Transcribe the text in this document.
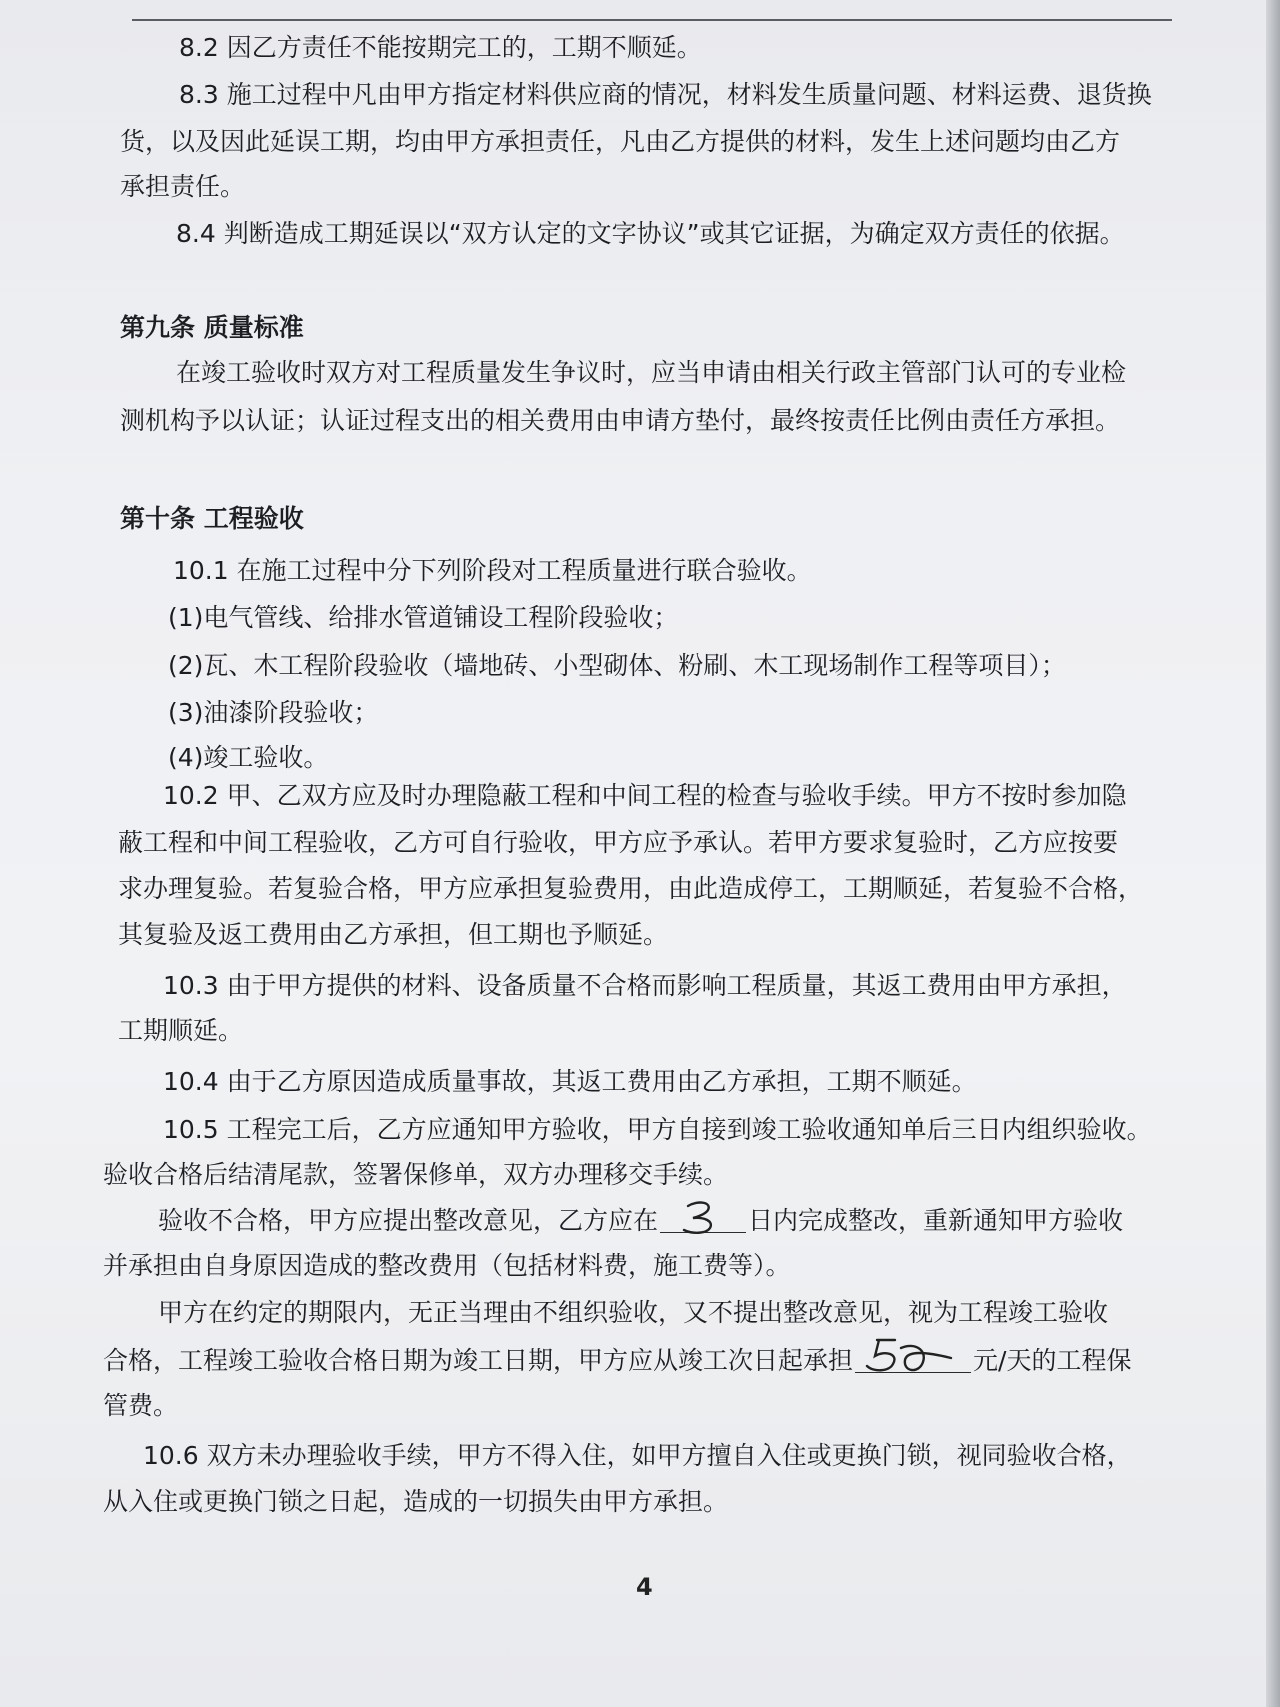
8.2 因乙方责任不能按期完工的，工期不顺延。
8.3 施工过程中凡由甲方指定材料供应商的情况，材料发生质量问题、材料运费、退货换
货，以及因此延误工期，均由甲方承担责任，凡由乙方提供的材料，发生上述问题均由乙方
承担责任。
8.4 判断造成工期延误以“双方认定的文字协议”或其它证据，为确定双方责任的依据。
第九条 质量标准
在竣工验收时双方对工程质量发生争议时，应当申请由相关行政主管部门认可的专业检
测机构予以认证；认证过程支出的相关费用由申请方垫付，最终按责任比例由责任方承担。
第十条 工程验收
10.1 在施工过程中分下列阶段对工程质量进行联合验收。
(1)电气管线、给排水管道铺设工程阶段验收；
(2)瓦、木工程阶段验收（墙地砖、小型砌体、粉刷、木工现场制作工程等项目）；
(3)油漆阶段验收；
(4)竣工验收。
10.2 甲、乙双方应及时办理隐蔽工程和中间工程的检查与验收手续。甲方不按时参加隐
蔽工程和中间工程验收，乙方可自行验收，甲方应予承认。若甲方要求复验时，乙方应按要
求办理复验。若复验合格，甲方应承担复验费用，由此造成停工，工期顺延，若复验不合格，
其复验及返工费用由乙方承担，但工期也予顺延。
10.3 由于甲方提供的材料、设备质量不合格而影响工程质量，其返工费用由甲方承担，
工期顺延。
10.4 由于乙方原因造成质量事故，其返工费用由乙方承担，工期不顺延。
10.5 工程完工后，乙方应通知甲方验收，甲方自接到竣工验收通知单后三日内组织验收。
验收合格后结清尾款，签署保修单，双方办理移交手续。
验收不合格，甲方应提出整改意见，乙方应在	日内完成整改，重新通知甲方验收
并承担由自身原因造成的整改费用（包括材料费，施工费等）。
甲方在约定的期限内，无正当理由不组织验收，又不提出整改意见，视为工程竣工验收
合格，工程竣工验收合格日期为竣工日期，甲方应从竣工次日起承担	元/天的工程保
管费。
10.6 双方未办理验收手续，甲方不得入住，如甲方擅自入住或更换门锁，视同验收合格，
从入住或更换门锁之日起，造成的一切损失由甲方承担。
4
